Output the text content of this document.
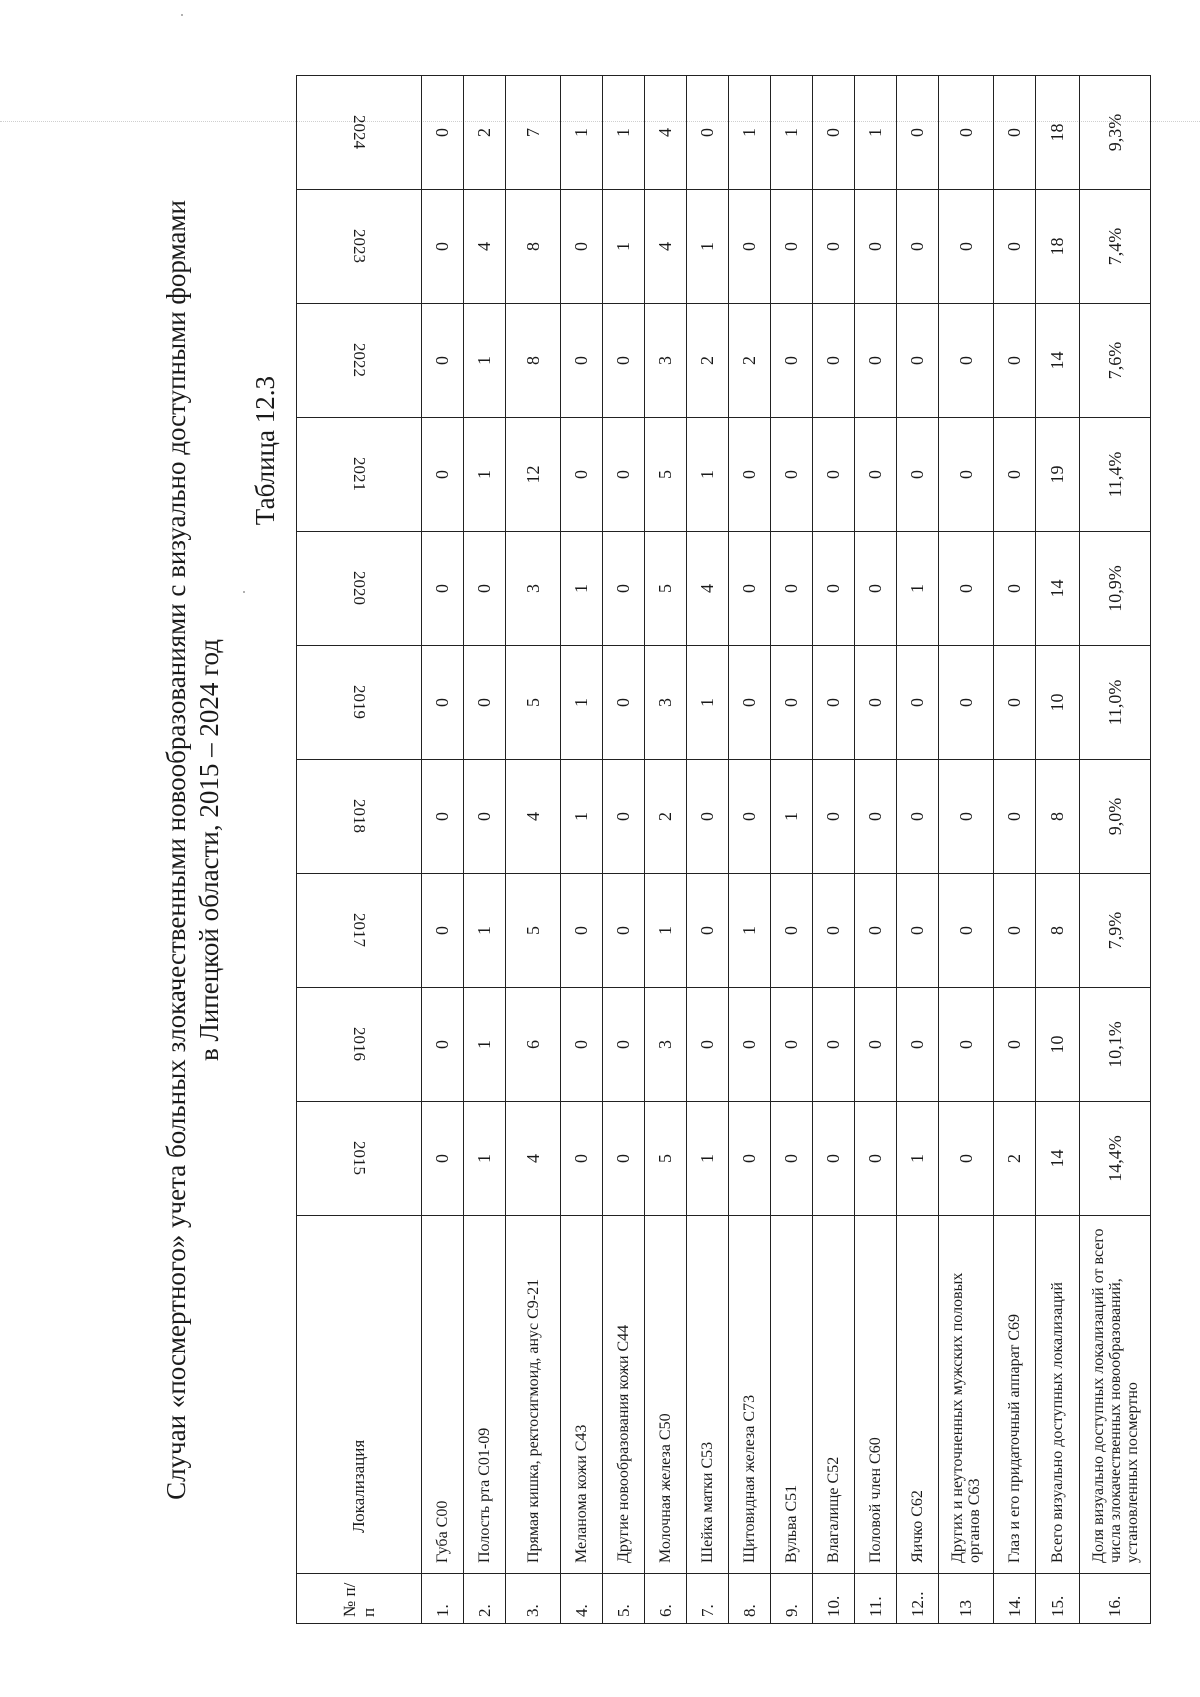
Случаи «посмертного» учета больных злокачественными новообразованиями с визуально доступными формами в Липецкой области, 2015 – 2024 год
Таблица 12.3
№ п/п	Локализация	2015	2016	2017	2018	2019	2020	2021	2022	2023	2024
1.	Губа С00	0	0	0	0	0	0	0	0	0	0
2.	Полость рта С01-09	1	1	1	0	0	0	1	1	4	2
3.	Прямая кишка, ректосигмоид, анус С9-21	4	6	5	4	5	3	12	8	8	7
4.	Меланома кожи С43	0	0	0	1	1	1	0	0	0	1
5.	Другие новообразования кожи С44	0	0	0	0	0	0	0	0	1	1
6.	Молочная железа С50	5	3	1	2	3	5	5	3	4	4
7.	Шейка матки С53	1	0	0	0	1	4	1	2	1	0
8.	Щитовидная железа С73	0	0	1	0	0	0	0	2	0	1
9.	Вульва С51	0	0	0	1	0	0	0	0	0	1
10.	Влагалище С52	0	0	0	0	0	0	0	0	0	0
11.	Половой член С60	0	0	0	0	0	0	0	0	0	1
12..	Яичко С62	1	0	0	0	0	1	0	0	0	0
13	Других и неуточненных мужских половых органов С63	0	0	0	0	0	0	0	0	0	0
14.	Глаз и его придаточный аппарат С69	2	0	0	0	0	0	0	0	0	0
15.	Всего визуально доступных локализаций	14	10	8	8	10	14	19	14	18	18
16.	Доля визуально доступных локализаций от всего числа злокачественных новообразований, установленных посмертно	14,4%	10,1%	7,9%	9,0%	11,0%	10,9%	11,4%	7,6%	7,4%	9,3%
